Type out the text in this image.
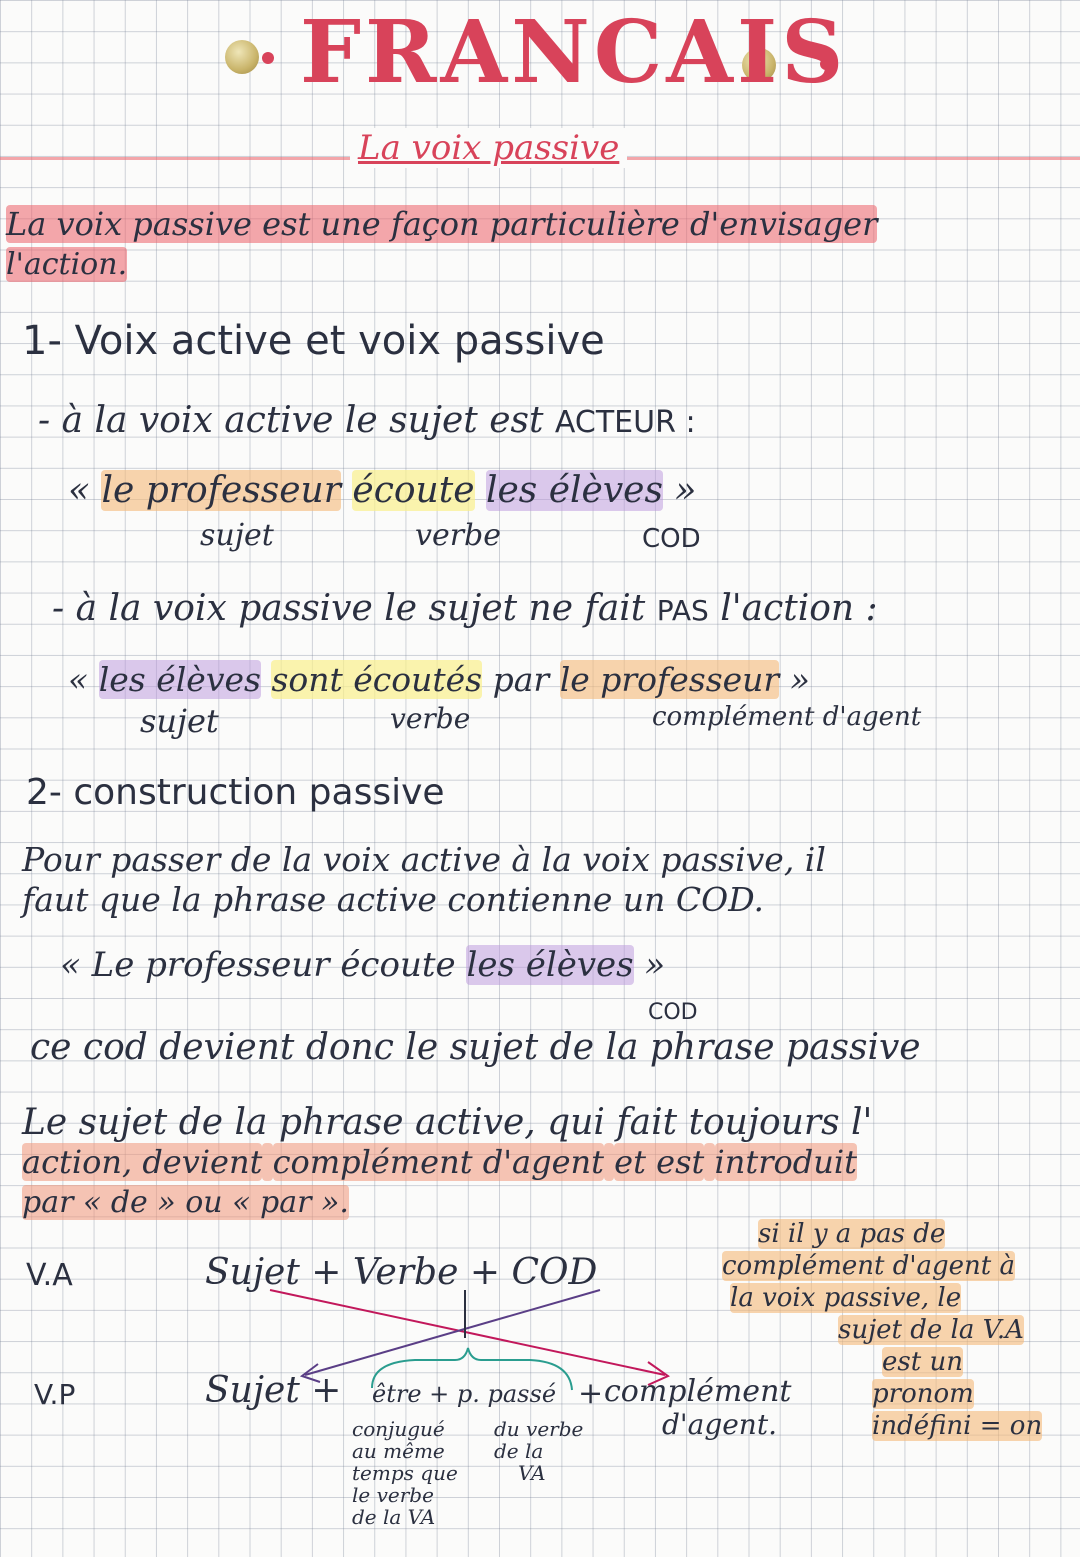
FRANCAIS
La voix passive
La voix passive est une façon particulière d'envisager
l'action.
1- Voix active et voix passive
- à la voix active le sujet est ACTEUR :
« le professeur écoute les élèves »
sujet	verbe	COD
- à la voix passive le sujet ne fait PAS l'action :
« les élèves sont écoutés par le professeur »
sujet	verbe	complément d'agent
2- construction passive
Pour passer de la voix active à la voix passive, il
faut que la phrase active contienne un COD.
« Le professeur écoute les élèves »
COD
ce cod devient donc le sujet de la phrase passive
Le sujet de la phrase active, qui fait toujours l'
action, devient complément d'agent et est introduit
par « de » ou « par ».
V.A	Sujet + Verbe + COD
V.P	Sujet + être + p. passé + complément
d'agent.
conjugué
au même
temps que
le verbe
de la VA
du verbe
de la
VA
si il y a pas de
complément d'agent à
la voix passive, le
sujet de la V.A
est un
pronom
indéfini = on
